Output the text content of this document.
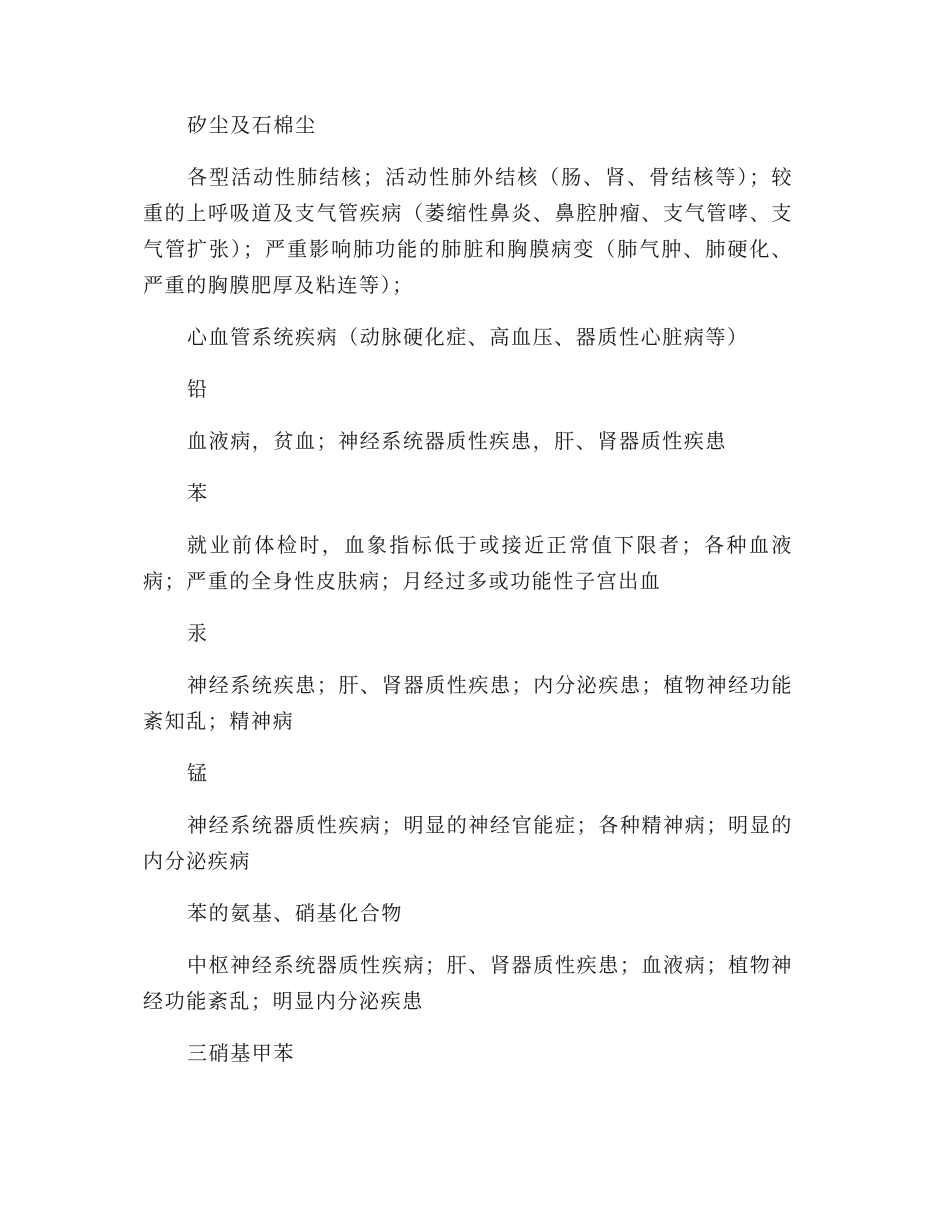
矽尘及石棉尘

各型活动性肺结核；活动性肺外结核（肠、肾、骨结核等）；较重的上呼吸道及支气管疾病（萎缩性鼻炎、鼻腔肿瘤、支气管哮、支气管扩张）；严重影响肺功能的肺脏和胸膜病变（肺气肿、肺硬化、严重的胸膜肥厚及粘连等）；

心血管系统疾病（动脉硬化症、高血压、器质性心脏病等）

铅

血液病，贫血；神经系统器质性疾患，肝、肾器质性疾患

苯

就业前体检时，血象指标低于或接近正常值下限者；各种血液病；严重的全身性皮肤病；月经过多或功能性子宫出血

汞

神经系统疾患；肝、肾器质性疾患；内分泌疾患；植物神经功能紊知乱；精神病

锰

神经系统器质性疾病；明显的神经官能症；各种精神病；明显的内分泌疾病

苯的氨基、硝基化合物

中枢神经系统器质性疾病；肝、肾器质性疾患；血液病；植物神经功能紊乱；明显内分泌疾患

三硝基甲苯
